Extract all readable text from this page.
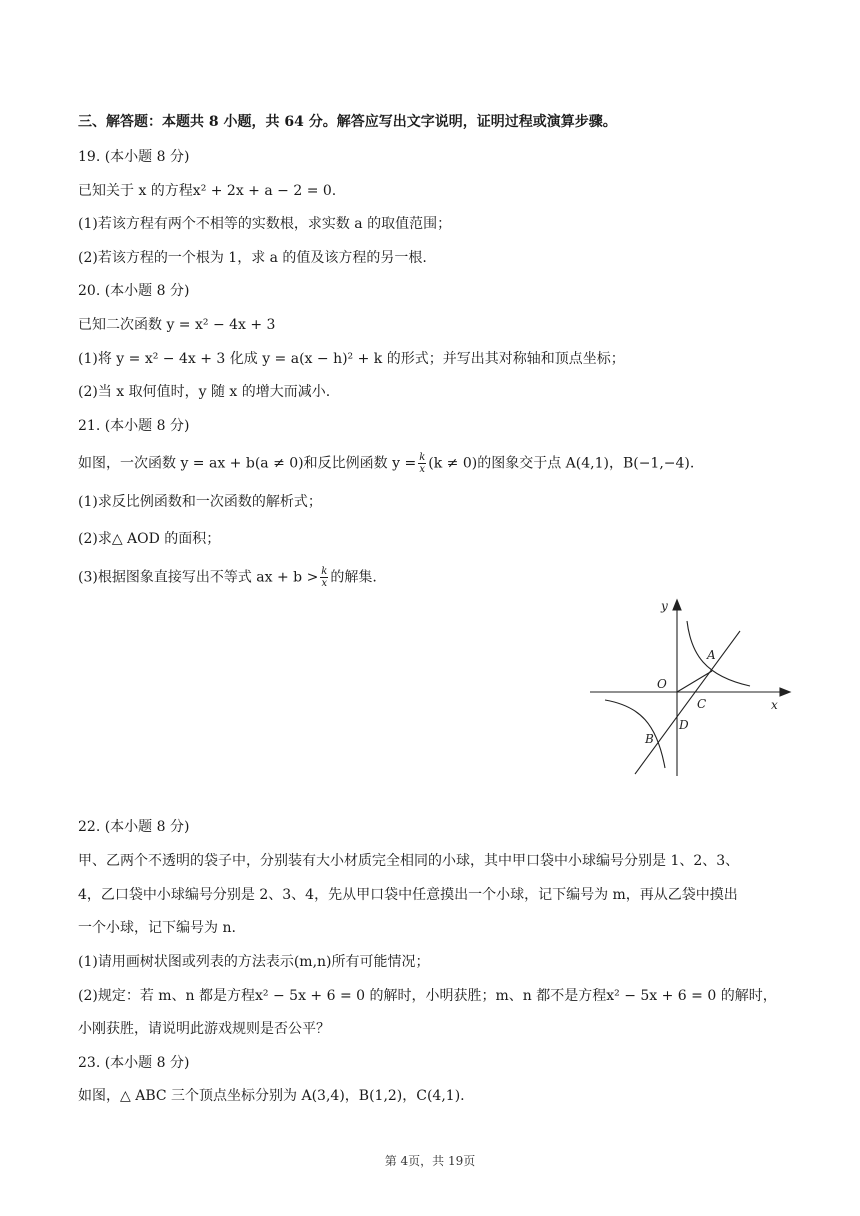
三、解答题：本题共 8 小题，共 64 分。解答应写出文字说明，证明过程或演算步骤。
19. (本小题 8 分)
已知关于 x 的方程x² + 2x + a − 2 = 0.
(1)若该方程有两个不相等的实数根，求实数 a 的取值范围；
(2)若该方程的一个根为 1，求 a 的值及该方程的另一根.
20. (本小题 8 分)
已知二次函数 y = x² − 4x + 3
(1)将 y = x² − 4x + 3 化成 y = a(x − h)² + k 的形式；并写出其对称轴和顶点坐标；
(2)当 x 取何值时，y 随 x 的增大而减小.
21. (本小题 8 分)
如图，一次函数 y = ax + b(a ≠ 0)和反比例函数 $y = \frac{k}{x} (k \ne 0)$的图象交于点 A(4,1)，B(−1,−4).
(1)求反比例函数和一次函数的解析式；
(2)求△ AOD 的面积；
(3)根据图象直接写出不等式 ax + $b > \frac{k}{x}$ 的解集.
y
x
O
A
C
D
B
22. (本小题 8 分)
甲、乙两个不透明的袋子中，分别装有大小材质完全相同的小球，其中甲口袋中小球编号分别是 1、2、3、
4，乙口袋中小球编号分别是 2、3、4，先从甲口袋中任意摸出一个小球，记下编号为 m，再从乙袋中摸出
一个小球，记下编号为 n.
(1)请用画树状图或列表的方法表示(m,n)所有可能情况；
(2)规定：若 m、n 都是方程x² − 5x + 6 = 0 的解时，小明获胜；m、n 都不是方程x² − 5x + 6 = 0 的解时，
小刚获胜，请说明此游戏规则是否公平？
23. (本小题 8 分)
如图，△ ABC 三个顶点坐标分别为 A(3,4)，B(1,2)，C(4,1).
第 4页，共 19页
